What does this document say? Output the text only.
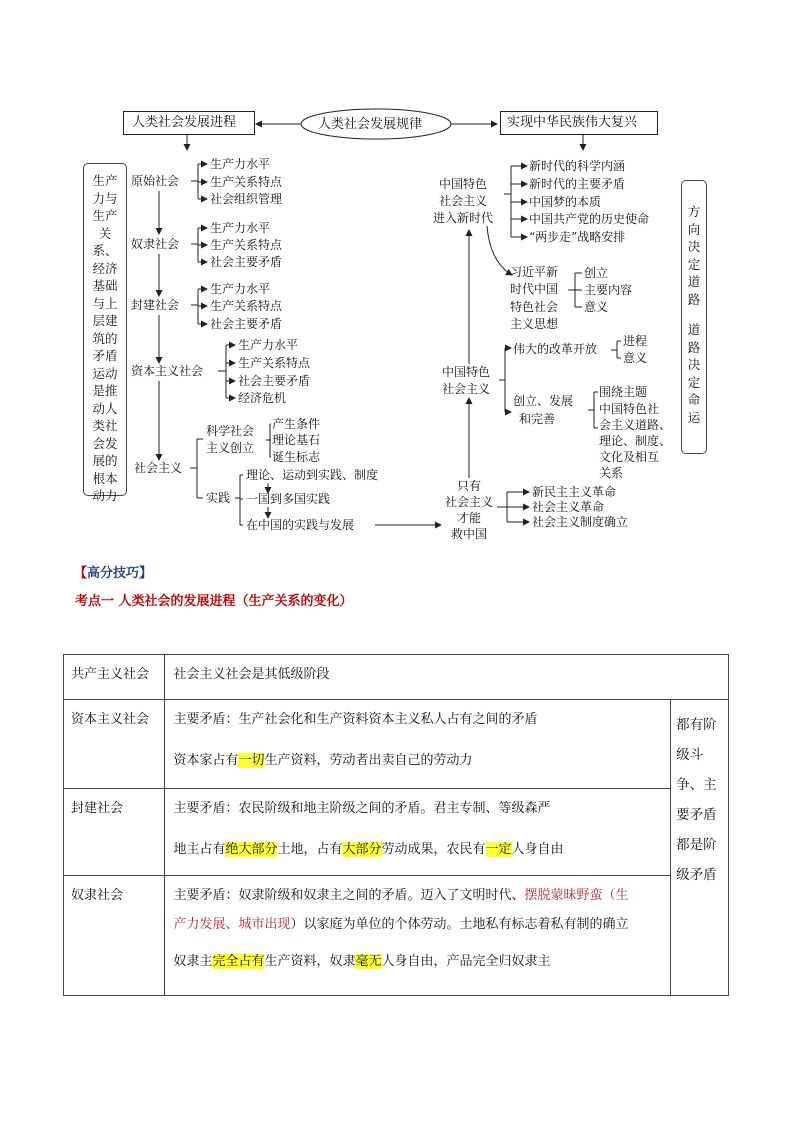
人类社会发展进程	人类社会发展规律	实现中华民族伟大复兴
生产力与生产关系、经济基础与上层建筑的矛盾运动是推动人类社会发展的根本动力
方向决定道路
道路决定命运
原始社会
生产力水平
生产关系特点
社会组织管理
奴隶社会
生产力水平
生产关系特点
社会主要矛盾
封建社会
生产力水平
生产关系特点
社会主要矛盾
资本主义社会
生产力水平
生产关系特点
社会主要矛盾
经济危机
社会主义
科学社会
主义创立
产生条件
理论基石
诞生标志
实践
理论、运动到实践、制度
一国到多国实践
在中国的实践与发展
中国特色
社会主义
进入新时代
新时代的科学内涵
新时代的主要矛盾
中国梦的本质
中国共产党的历史使命
“两步走”战略安排
习近平新
时代中国
特色社会
主义思想
创立
主要内容
意义
中国特色
社会主义
伟大的改革开放
进程
意义
创立、发展
和完善
围绕主题
中国特色社
会主义道路、
理论、制度、
文化及相互
关系
只有
社会主义
才能
救中国
新民主主义革命
社会主义革命
社会主义制度确立
【高分技巧】
考点一 人类社会的发展进程（生产关系的变化）
共产主义社会	社会主义社会是其低级阶段	

资本主义社会	主要矛盾：生产社会化和生产资料资本主义私人占有之间的矛盾
资本家占有一切生产资料，劳动者出卖自己的劳动力	都有阶级斗争、主要矛盾都是阶级矛盾

封建社会	主要矛盾：农民阶级和地主阶级之间的矛盾。君主专制、等级森严
地主占有绝大部分土地，占有大部分劳动成果，农民有一定人身自由	

奴隶社会	主要矛盾：奴隶阶级和奴隶主之间的矛盾。迈入了文明时代、摆脱蒙昧野蛮（生
产力发展、城市出现）以家庭为单位的个体劳动。土地私有标志着私有制的确立
奴隶主完全占有生产资料，奴隶毫无人身自由，产品完全归奴隶主	
